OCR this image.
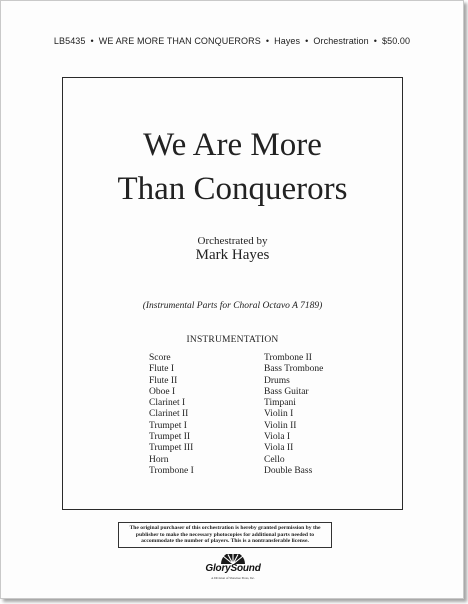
LB5435 • WE ARE MORE THAN CONQUERORS • Hayes • Orchestration • $50.00
We Are More
Than Conquerors
Orchestrated by
Mark Hayes
(Instrumental Parts for Choral Octavo A 7189)
INSTRUMENTATION
Score
Flute I
Flute II
Oboe I
Clarinet I
Clarinet II
Trumpet I
Trumpet II
Trumpet III
Horn
Trombone I
Trombone II
Bass Trombone
Drums
Bass Guitar
Timpani
Violin I
Violin II
Viola I
Viola II
Cello
Double Bass
The original purchaser of this orchestration is hereby granted permission by the publisher to make the necessary photocopies for additional parts needed to accommodate the number of players. This is a nontransferable license.
GlorySound
A Division of Shawnee Press, Inc.
